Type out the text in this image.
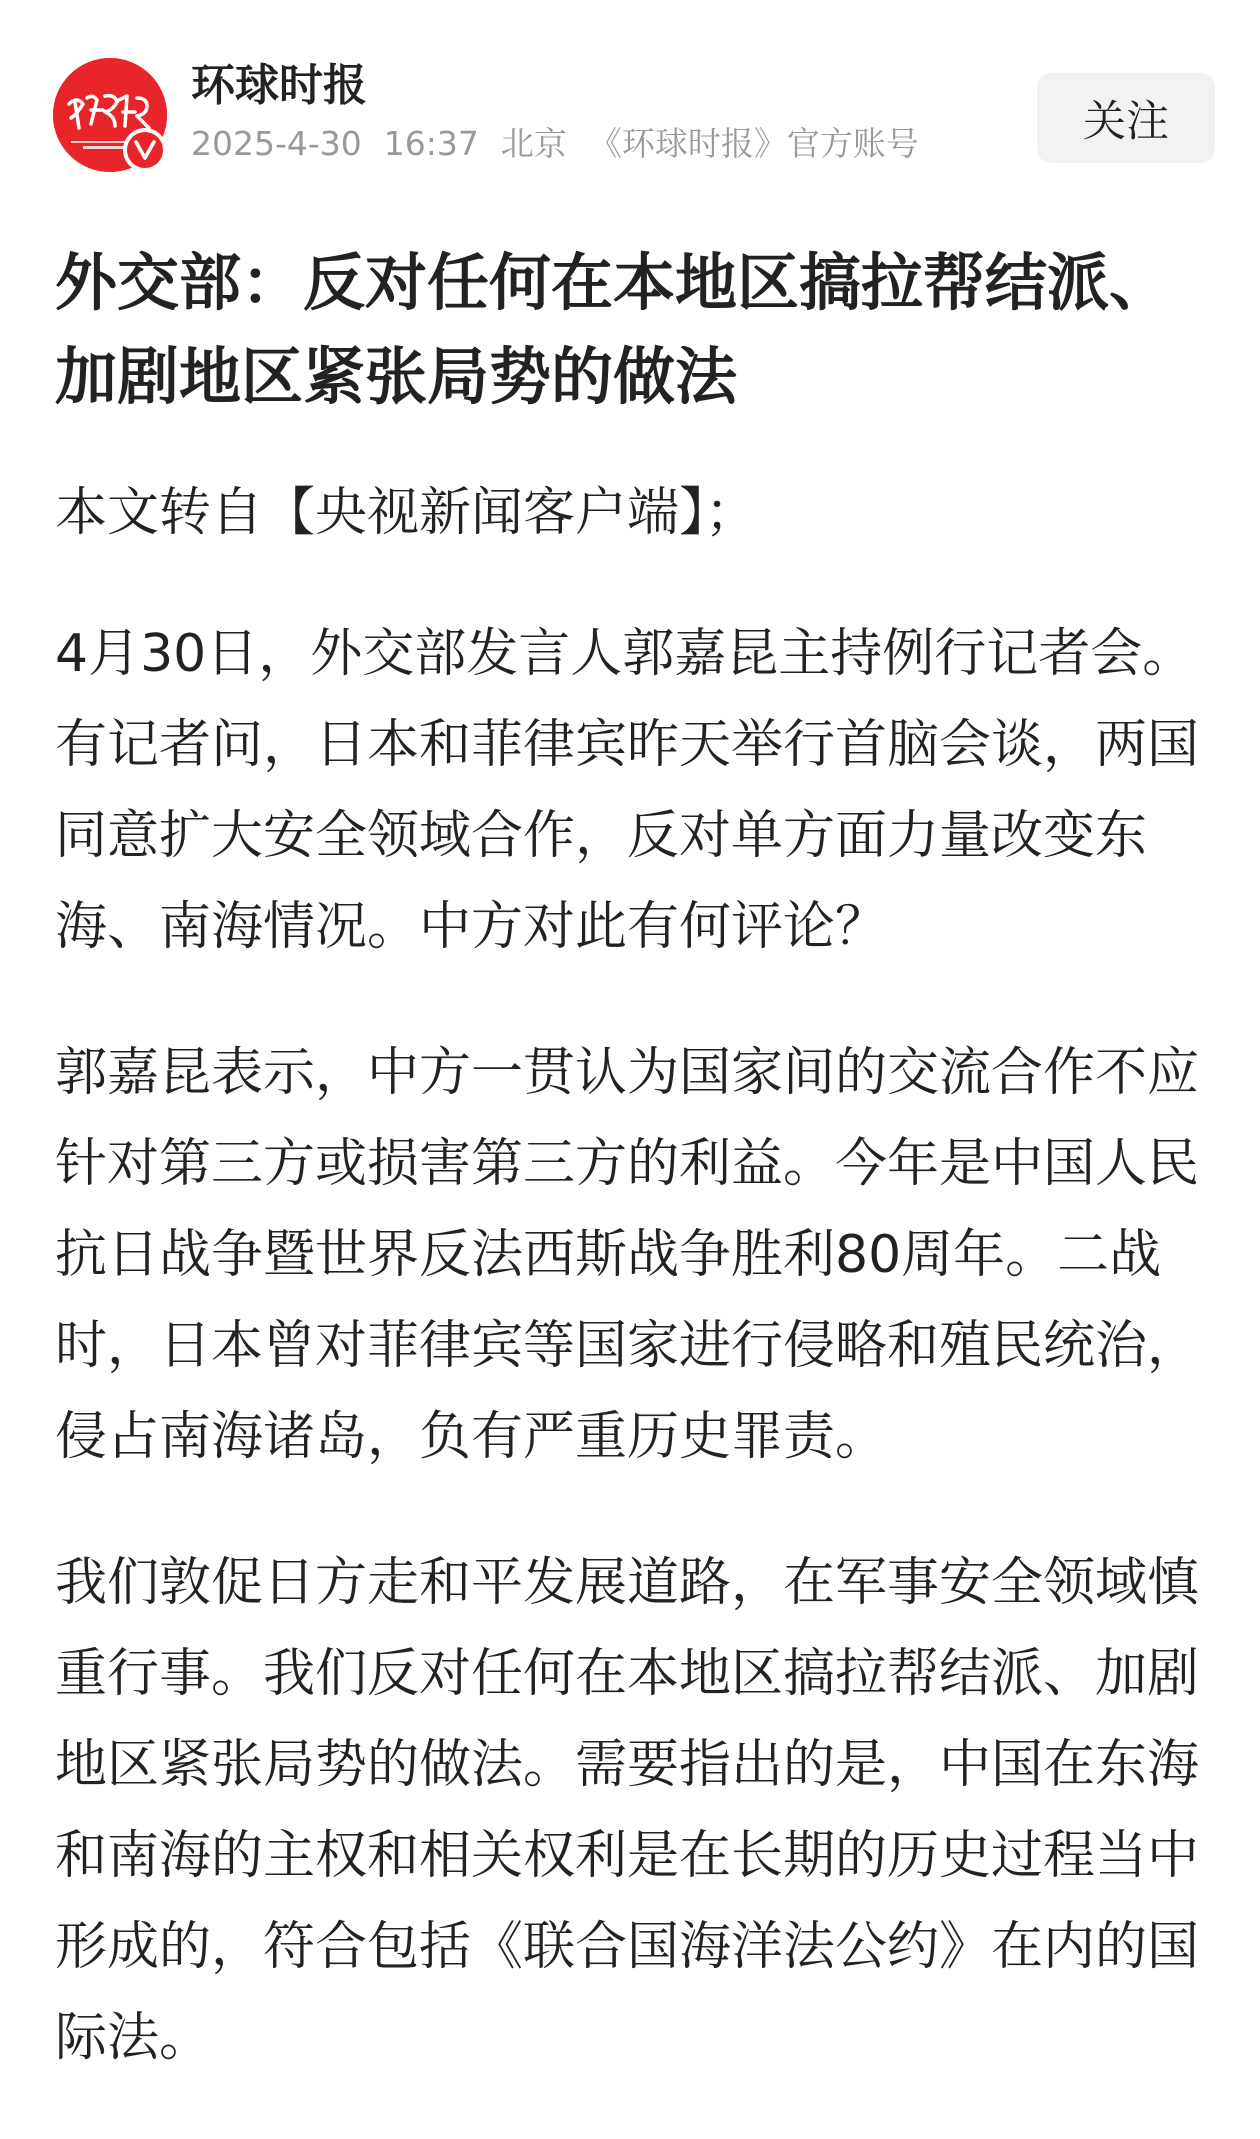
环球时报
2025-4-30 16:37 北京 《环球时报》官方账号	关注
外交部：反对任何在本地区搞拉帮结派、加剧地区紧张局势的做法

本文转自【央视新闻客户端】；

4月30日，外交部发言人郭嘉昆主持例行记者会。有记者问，日本和菲律宾昨天举行首脑会谈，两国同意扩大安全领域合作，反对单方面力量改变东海、南海情况。中方对此有何评论？

郭嘉昆表示，中方一贯认为国家间的交流合作不应针对第三方或损害第三方的利益。今年是中国人民抗日战争暨世界反法西斯战争胜利80周年。二战时，日本曾对菲律宾等国家进行侵略和殖民统治，侵占南海诸岛，负有严重历史罪责。

我们敦促日方走和平发展道路，在军事安全领域慎重行事。我们反对任何在本地区搞拉帮结派、加剧地区紧张局势的做法。需要指出的是，中国在东海和南海的主权和相关权利是在长期的历史过程当中形成的，符合包括《联合国海洋法公约》在内的国际法。
